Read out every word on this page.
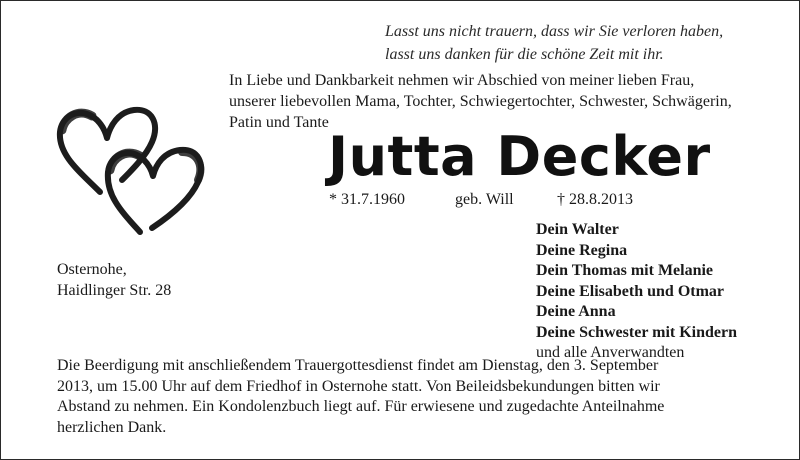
Lasst uns nicht trauern, dass wir Sie verloren haben,
lasst uns danken für die schöne Zeit mit ihr.
In Liebe und Dankbarkeit nehmen wir Abschied von meiner lieben Frau,
unserer liebevollen Mama, Tochter, Schwiegertochter, Schwester, Schwägerin,
Patin und Tante
Jutta Decker
* 31.7.1960	geb. Will	† 28.8.2013
Osternohe,
Haidlinger Str. 28
Dein Walter
Deine Regina
Dein Thomas mit Melanie
Deine Elisabeth und Otmar
Deine Anna
Deine Schwester mit Kindern
und alle Anverwandten
Die Beerdigung mit anschließendem Trauergottesdienst findet am Dienstag, den 3. September
2013, um 15.00 Uhr auf dem Friedhof in Osternohe statt. Von Beileidsbekundungen bitten wir
Abstand zu nehmen. Ein Kondolenzbuch liegt auf. Für erwiesene und zugedachte Anteilnahme
herzlichen Dank.
